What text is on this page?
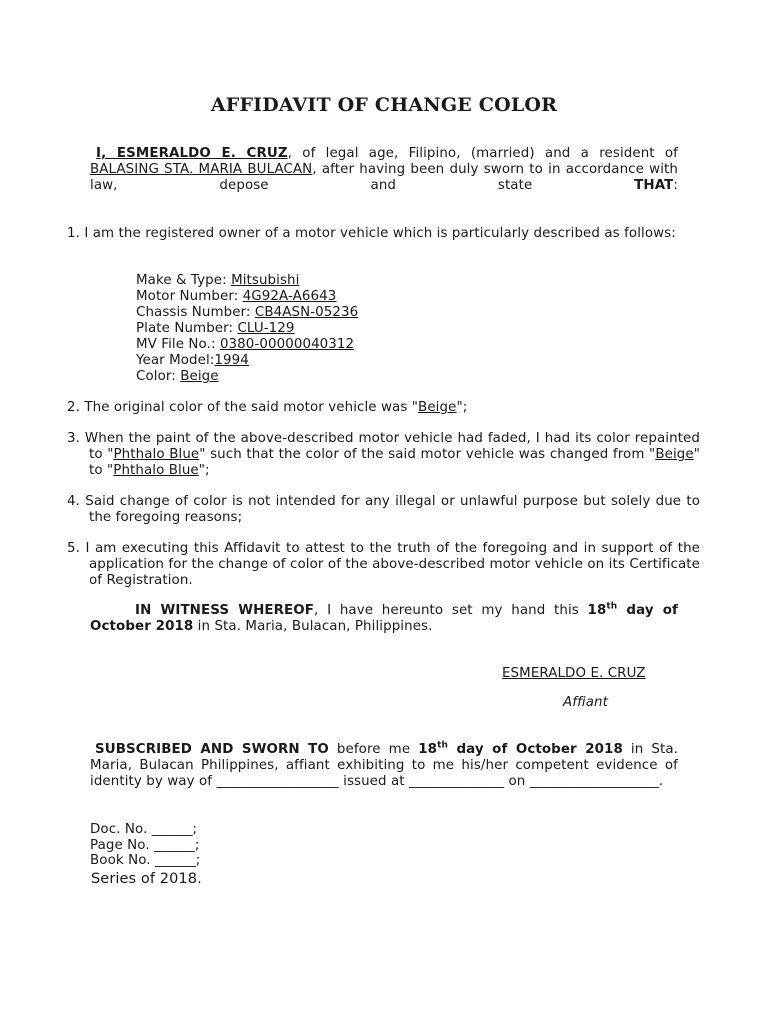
AFFIDAVIT OF CHANGE COLOR
I, ESMERALDO E. CRUZ, of legal age, Filipino, (married) and a resident of BALASING STA. MARIA BULACAN, after having been duly sworn to in accordance with law, depose and state THAT:
1. I am the registered owner of a motor vehicle which is particularly described as follows:
Make & Type: Mitsubishi
Motor Number: 4G92A-A6643
Chassis Number: CB4ASN-05236
Plate Number: CLU-129
MV File No.: 0380-00000040312
Year Model:1994
Color: Beige
2. The original color of the said motor vehicle was "Beige";
3. When the paint of the above-described motor vehicle had faded, I had its color repainted to "Phthalo Blue" such that the color of the said motor vehicle was changed from "Beige" to "Phthalo Blue";
4. Said change of color is not intended for any illegal or unlawful purpose but solely due to the foregoing reasons;
5. I am executing this Affidavit to attest to the truth of the foregoing and in support of the application for the change of color of the above-described motor vehicle on its Certificate of Registration.
IN WITNESS WHEREOF, I have hereunto set my hand this 18th day of October 2018 in Sta. Maria, Bulacan, Philippines.
ESMERALDO E. CRUZ
Affiant
SUBSCRIBED AND SWORN TO before me 18th day of October 2018 in Sta. Maria, Bulacan Philippines, affiant exhibiting to me his/her competent evidence of identity by way of __________________ issued at ______________ on ___________________.
Doc. No. ______;
Page No. ______;
Book No. ______;
Series of 2018.
